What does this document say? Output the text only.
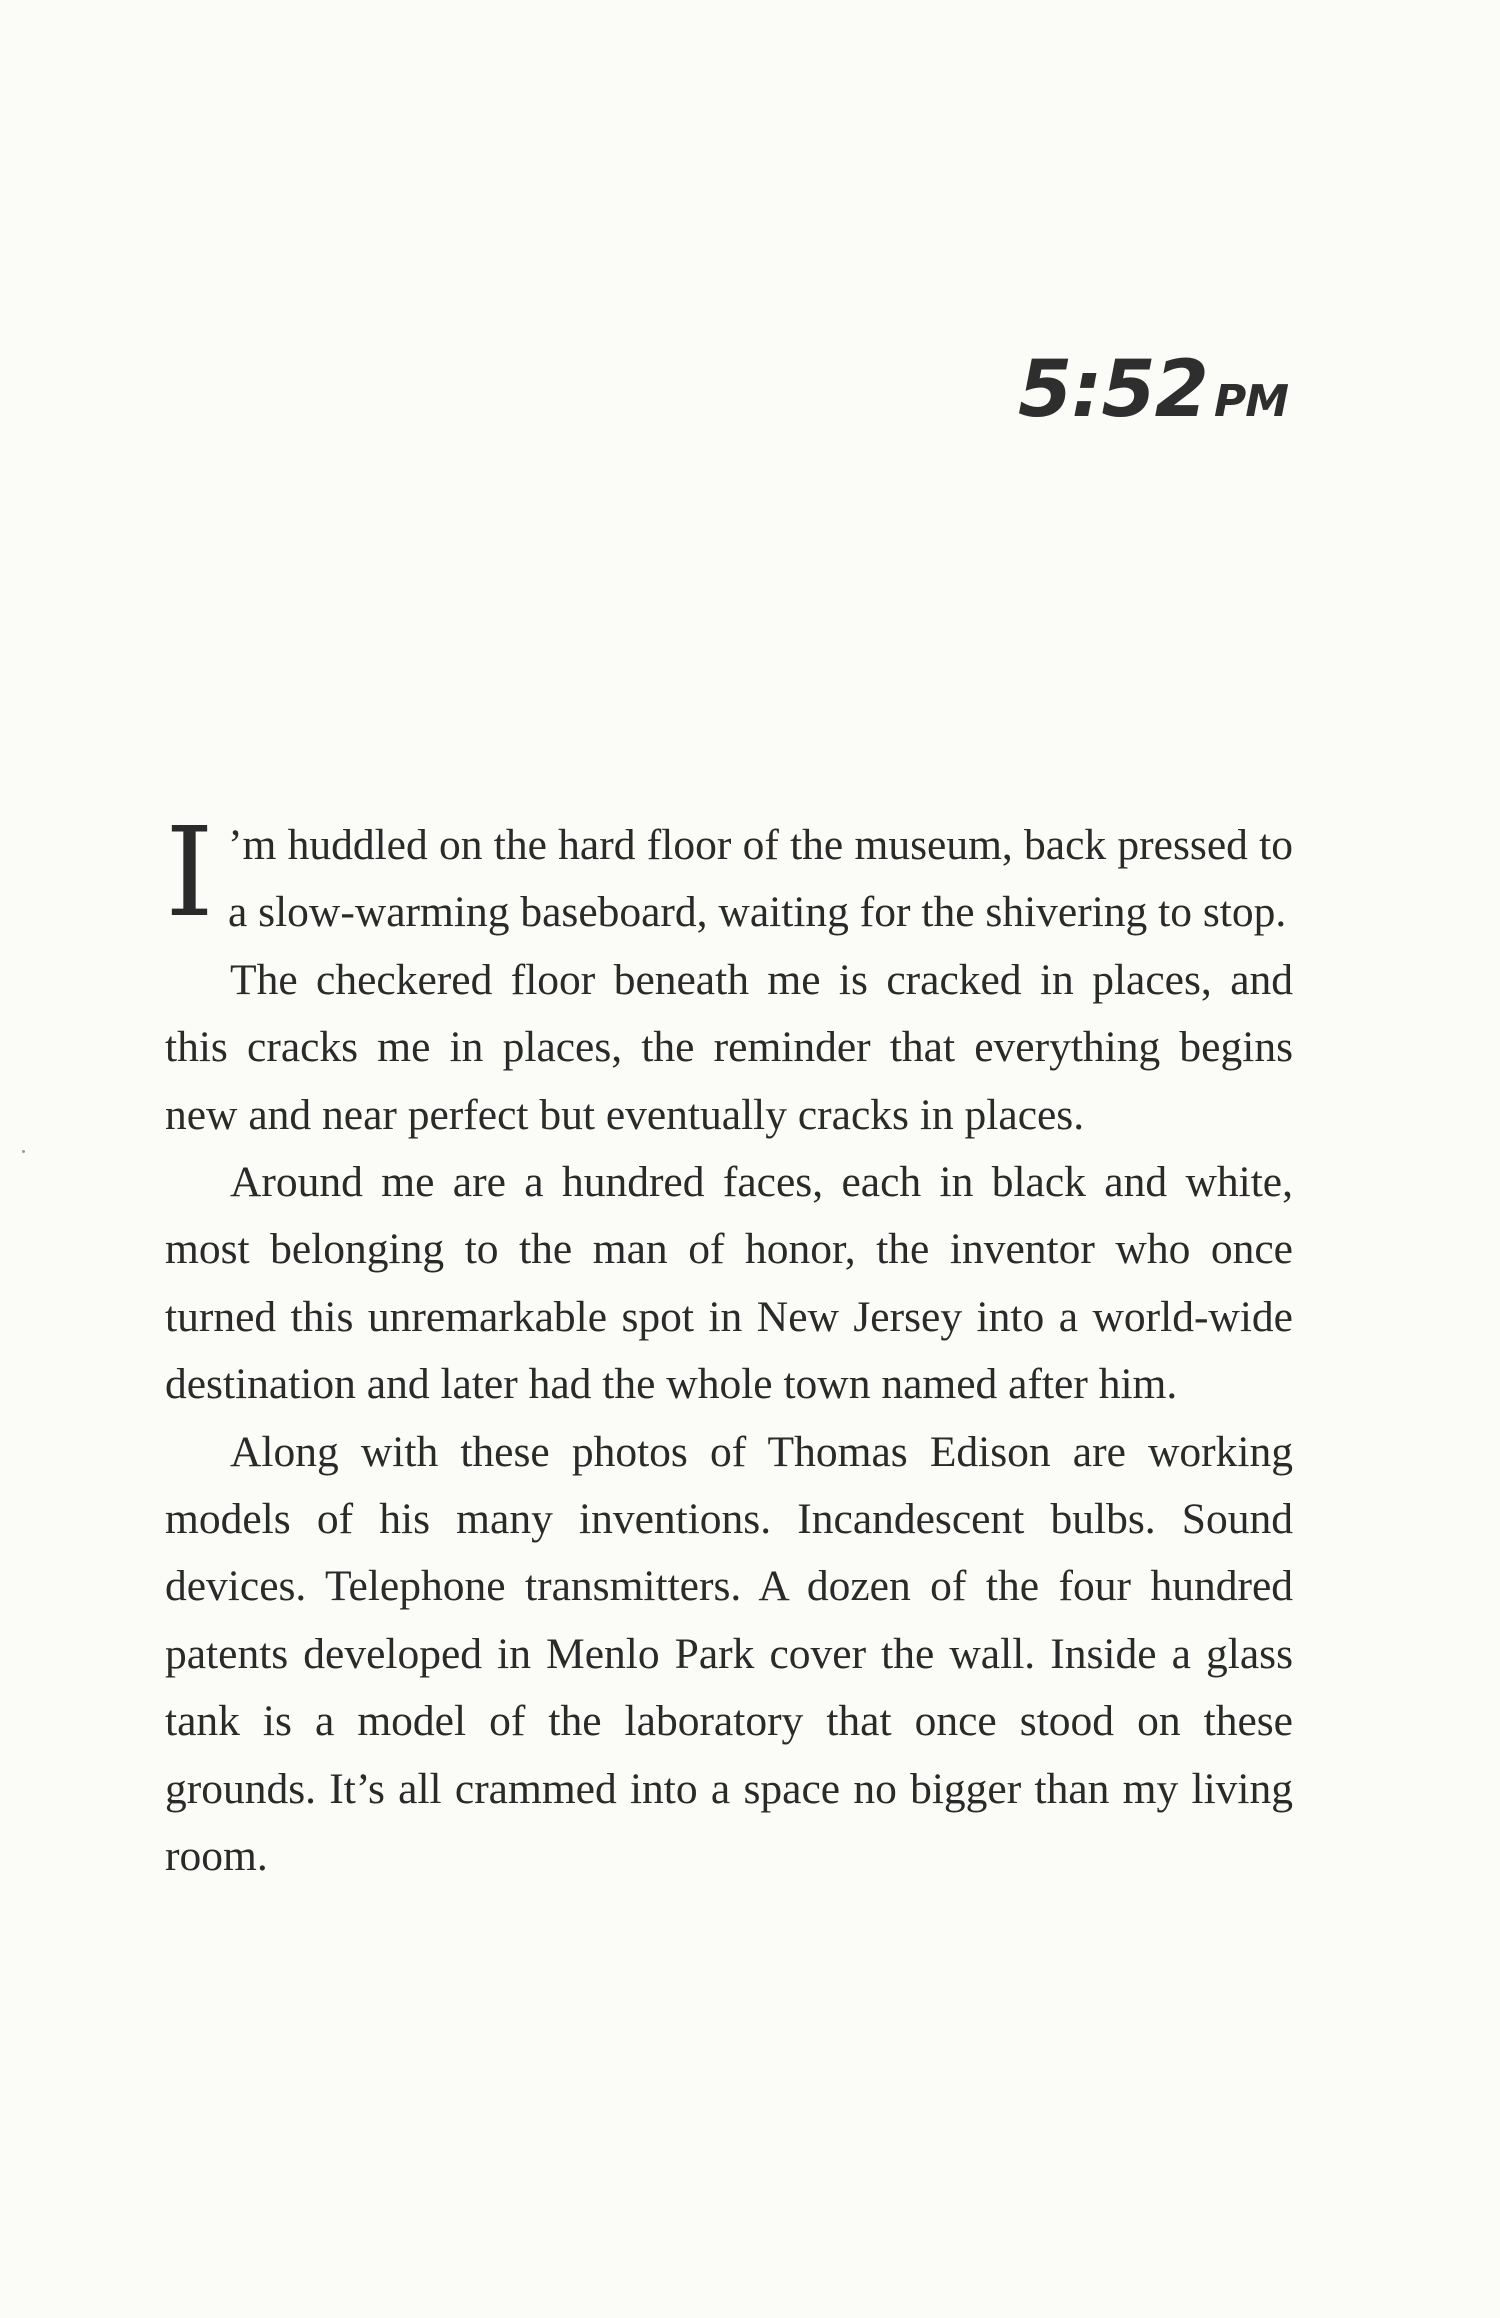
5:52 PM

I ’m huddled on the hard floor of the museum, back pressed to a slow-warming baseboard, waiting for the shivering to stop.

The checkered floor beneath me is cracked in places, and this cracks me in places, the reminder that everything begins new and near perfect but eventually cracks in places.

Around me are a hundred faces, each in black and white, most belonging to the man of honor, the inventor who once turned this unremarkable spot in New Jersey into a world-wide destination and later had the whole town named after him.

Along with these photos of Thomas Edison are working models of his many inventions. Incandescent bulbs. Sound devices. Telephone transmitters. A dozen of the four hundred patents developed in Menlo Park cover the wall. Inside a glass tank is a model of the laboratory that once stood on these grounds. It’s all crammed into a space no bigger than my living room.
